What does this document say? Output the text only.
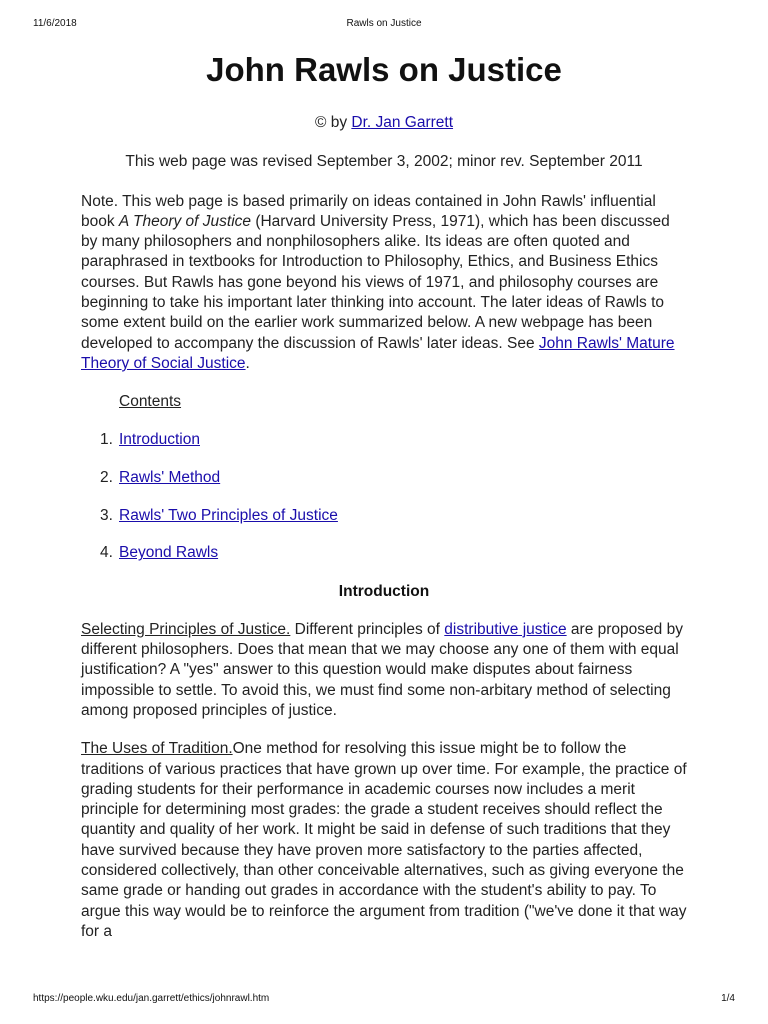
11/6/2018	Rawls on Justice
John Rawls on Justice

© by Dr. Jan Garrett

This web page was revised September 3, 2002; minor rev. September 2011

Note. This web page is based primarily on ideas contained in John Rawls' influential book A Theory of Justice (Harvard University Press, 1971), which has been discussed by many philosophers and nonphilosophers alike. Its ideas are often quoted and paraphrased in textbooks for Introduction to Philosophy, Ethics, and Business Ethics courses. But Rawls has gone beyond his views of 1971, and philosophy courses are beginning to take his important later thinking into account. The later ideas of Rawls to some extent build on the earlier work summarized below. A new webpage has been developed to accompany the discussion of Rawls' later ideas. See John Rawls' Mature Theory of Social Justice.

Contents

1. Introduction
2. Rawls' Method
3. Rawls' Two Principles of Justice
4. Beyond Rawls
Introduction

Selecting Principles of Justice. Different principles of distributive justice are proposed by different philosophers. Does that mean that we may choose any one of them with equal justification? A "yes" answer to this question would make disputes about fairness impossible to settle. To avoid this, we must find some non-arbitary method of selecting among proposed principles of justice.

The Uses of Tradition.One method for resolving this issue might be to follow the traditions of various practices that have grown up over time. For example, the practice of grading students for their performance in academic courses now includes a merit principle for determining most grades: the grade a student receives should reflect the quantity and quality of her work. It might be said in defense of such traditions that they have survived because they have proven more satisfactory to the parties affected, considered collectively, than other conceivable alternatives, such as giving everyone the same grade or handing out grades in accordance with the student's ability to pay. To argue this way would be to reinforce the argument from tradition ("we've done it that way for a

https://people.wku.edu/jan.garrett/ethics/johnrawl.htm	1/4
